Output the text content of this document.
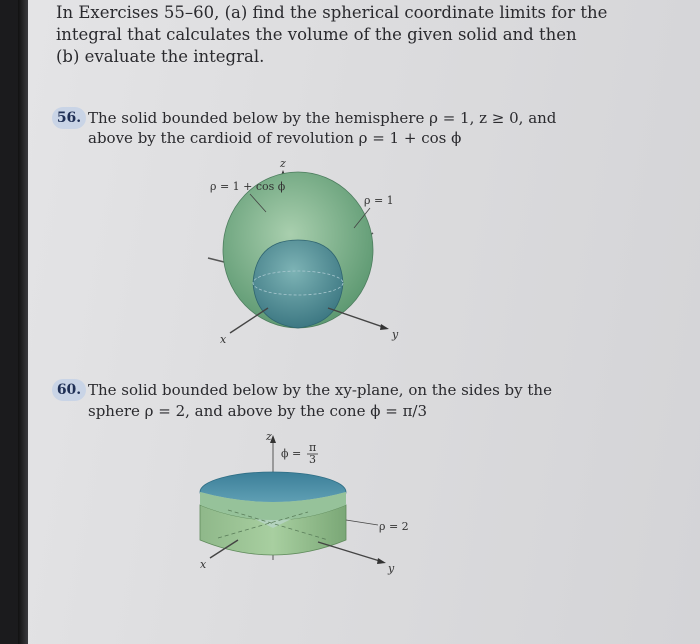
In Exercises 55–60, (a) find the spherical coordinate limits for the
integral that calculates the volume of the given solid and then
(b) evaluate the integral.
56. The solid bounded below by the hemisphere ρ = 1, z ≥ 0, and
above by the cardioid of revolution ρ = 1 + cos ϕ
z
x	y
ρ = 1 + cos ϕ
ρ = 1
60. The solid bounded below by the xy-plane, on the sides by the
sphere ρ = 2, and above by the cone ϕ = π/3
z
x	y
ϕ = π
3
ρ = 2
